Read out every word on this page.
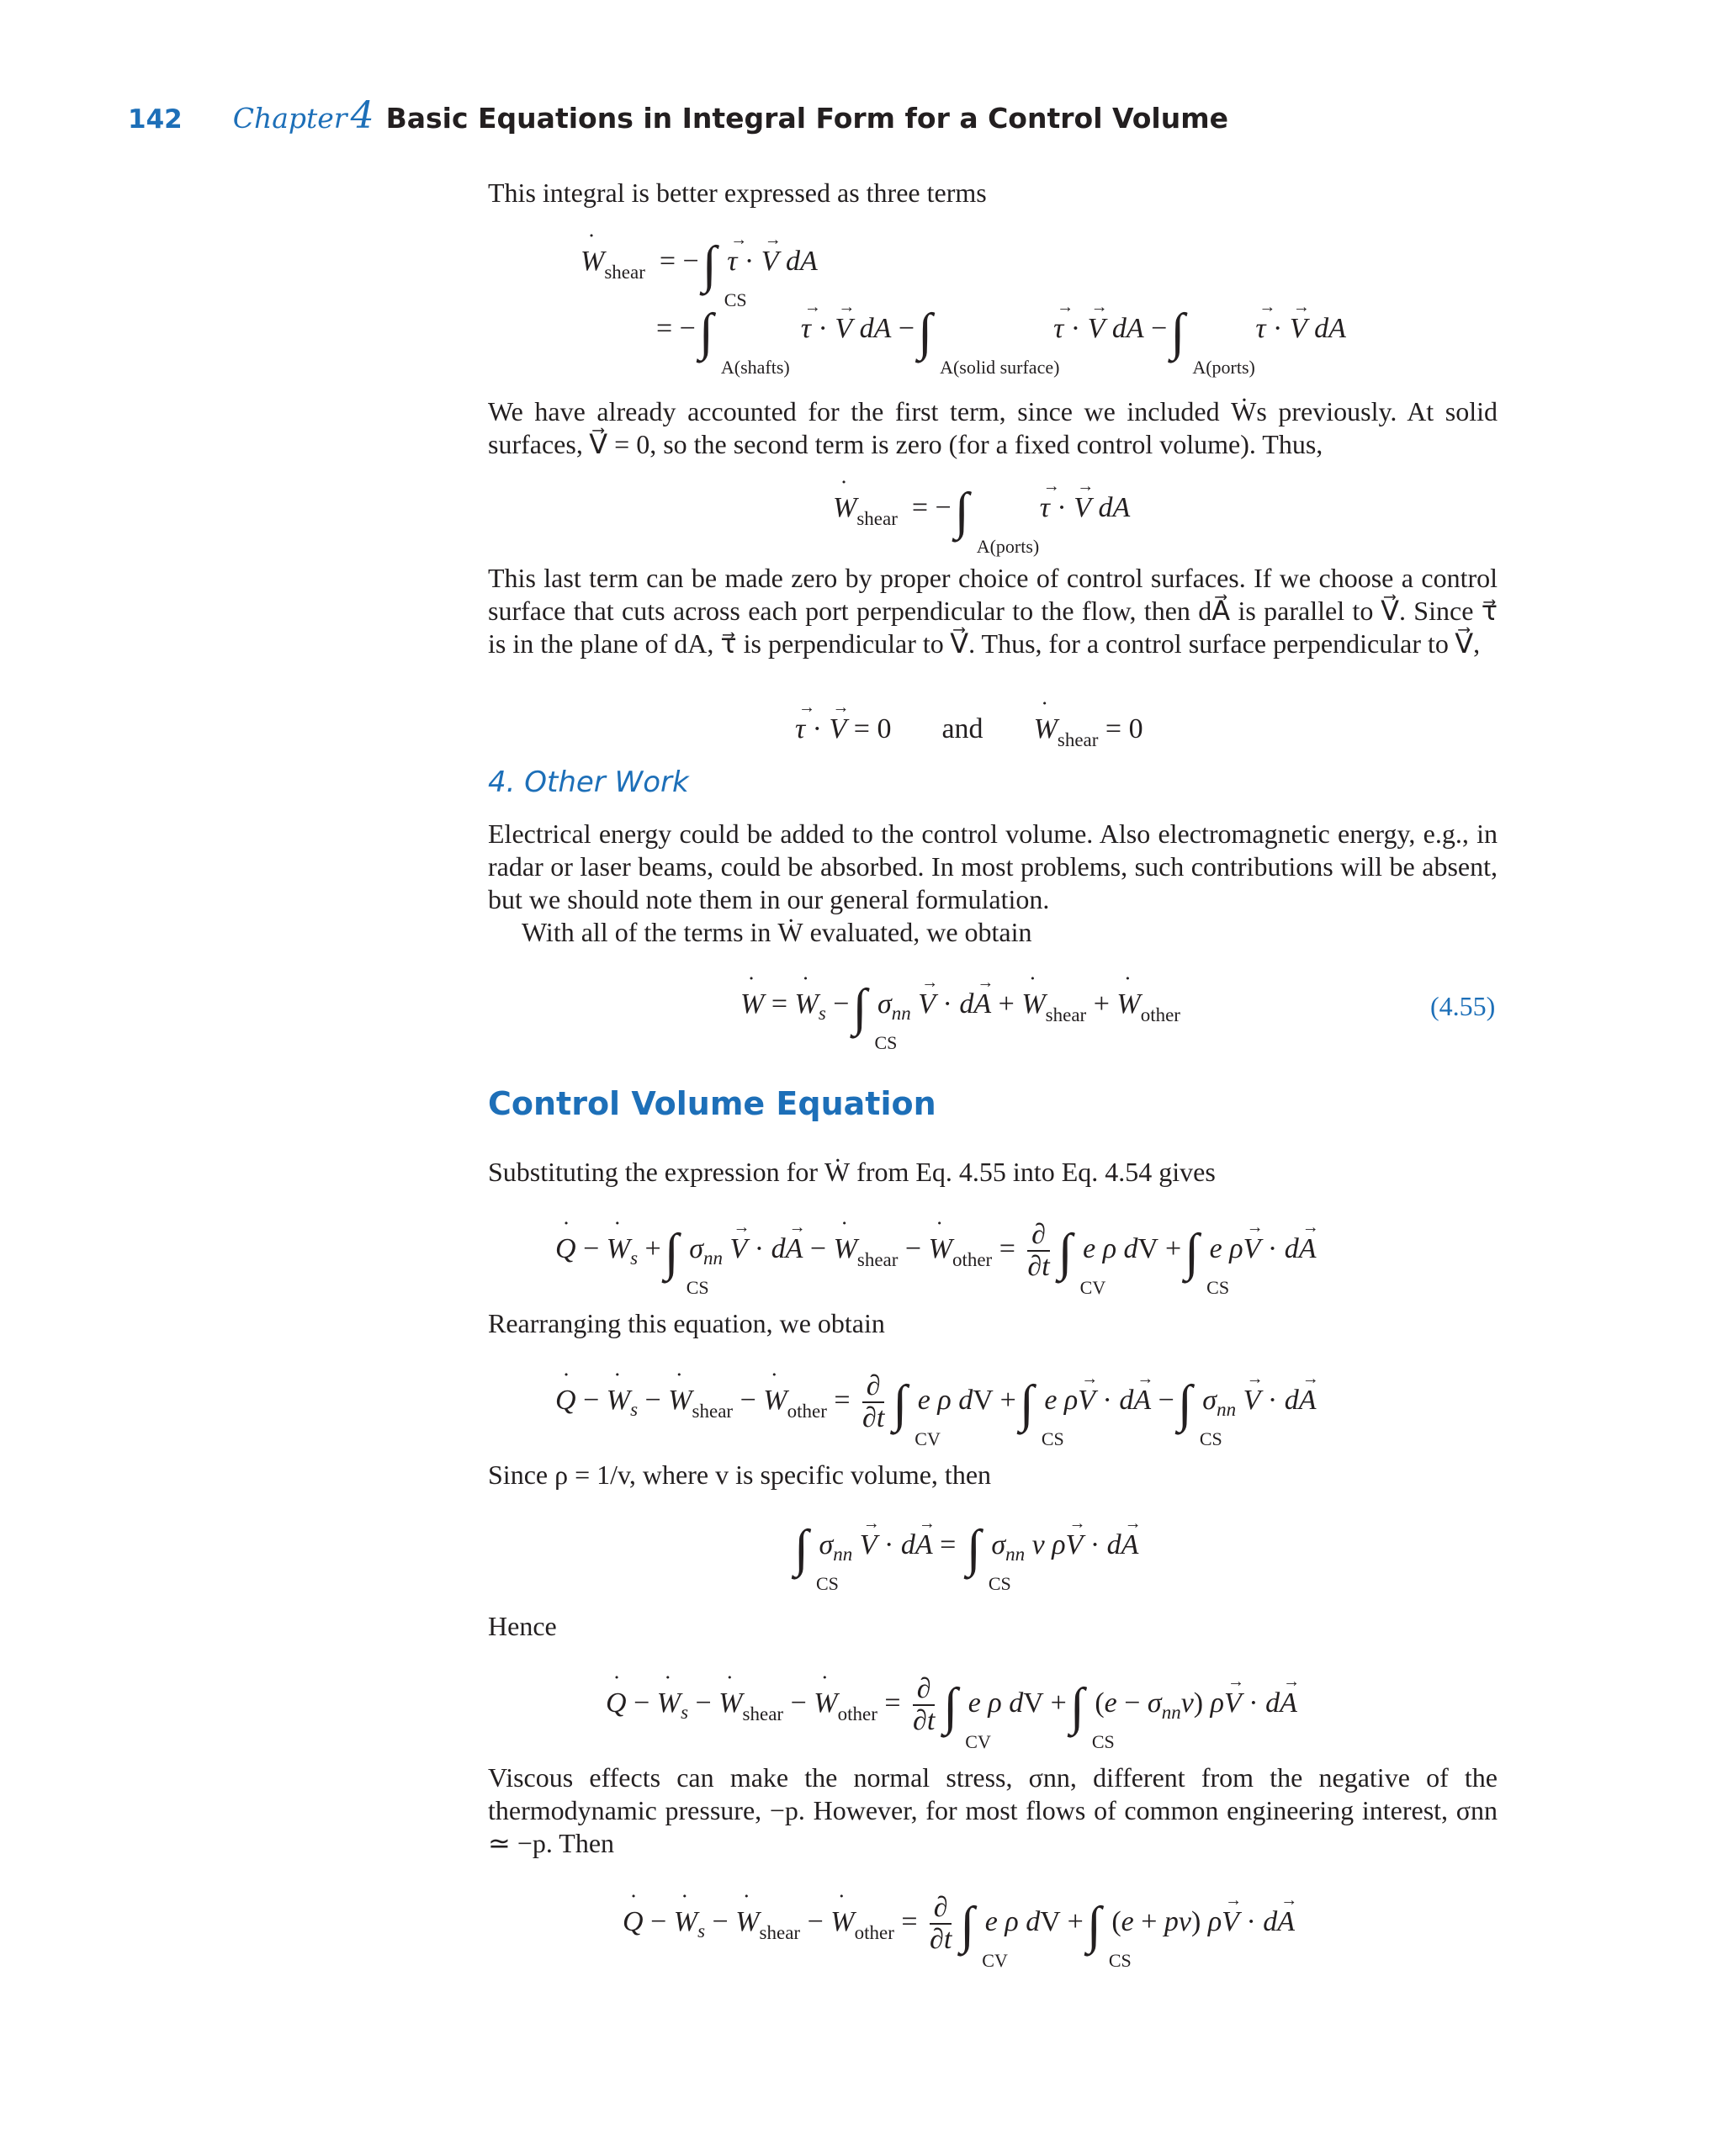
142 Chapter 4 Basic Equations in Integral Form for a Control Volume
This integral is better expressed as three terms
W $˙_{shear}$  = −∫
CS
τ → · V → dA
= −∫
A(shafts)
τ → · V → dA −∫
A(solid surface)
τ → · V → dA −∫
A(ports)
τ → · V → dA
We have already accounted for the first term, since we included Ẇs previously. At solid surfaces, V⃗ = 0, so the second term is zero (for a fixed control volume). Thus,
W $˙_{shear}$  = −∫
A(ports)
τ → · V → dA
This last term can be made zero by proper choice of control surfaces. If we choose a control surface that cuts across each port perpendicular to the flow, then dA⃗ is parallel to V⃗. Since τ⃗ is in the plane of dA, τ⃗ is perpendicular to V⃗. Thus, for a control surface perpendicular to V⃗,
τ → · V → = 0 and W $˙_{shear} = 0$
4. Other Work
Electrical energy could be added to the control volume. Also electromagnetic energy, e.g., in radar or laser beams, could be absorbed. In most problems, such contributions will be absent, but we should note them in our general formulation.
With all of the terms in Ẇ evaluated, we obtain
W ˙ = W $˙_s$ −∫
CS
$\sigma_{nn}$ V → · dA → + W $˙_{shear} + W$ $˙_{other}$	(4.55)
Control Volume Equation
Substituting the expression for Ẇ from Eq. 4.55 into Eq. 4.54 gives
Q ˙ − W $˙_s$ +∫
CS
$\sigma_{nn}$ V → · dA → − W $˙_{shear} - W$ $˙_{other} = \frac{\partial}{\partial t}$ ∫
CV
e ρ dV +∫
CS
e ρV → · dA →
Rearranging this equation, we obtain
Q ˙ − W $˙_s - W$ $˙_{shear} - W$ $˙_{other} = \frac{\partial}{\partial t}$ ∫
CV
e ρ dV +∫
CS
e ρV → · dA → −∫
CS
$\sigma_{nn}$ V → · dA →
Since ρ = 1/v, where v is specific volume, then
∫
CS
$\sigma_{nn}$ V → · dA → = ∫
CS
$\sigma_{nn}$ v ρV → · dA →
Hence
Q ˙ − W $˙_s - W$ $˙_{shear} - W$ $˙_{other} = \frac{\partial}{\partial t}$ ∫
CV
e ρ dV +∫
CS
$(e - \sigma_{nn}v)$ ρV → · dA →
Viscous effects can make the normal stress, σnn, different from the negative of the thermodynamic pressure, −p. However, for most flows of common engineering interest, σnn ≃ −p. Then
Q ˙ − W $˙_s - W$ $˙_{shear} - W$ $˙_{other} = \frac{\partial}{\partial t}$ ∫
CV
e ρ dV +∫
CS
(e + pv) ρV → · dA →
